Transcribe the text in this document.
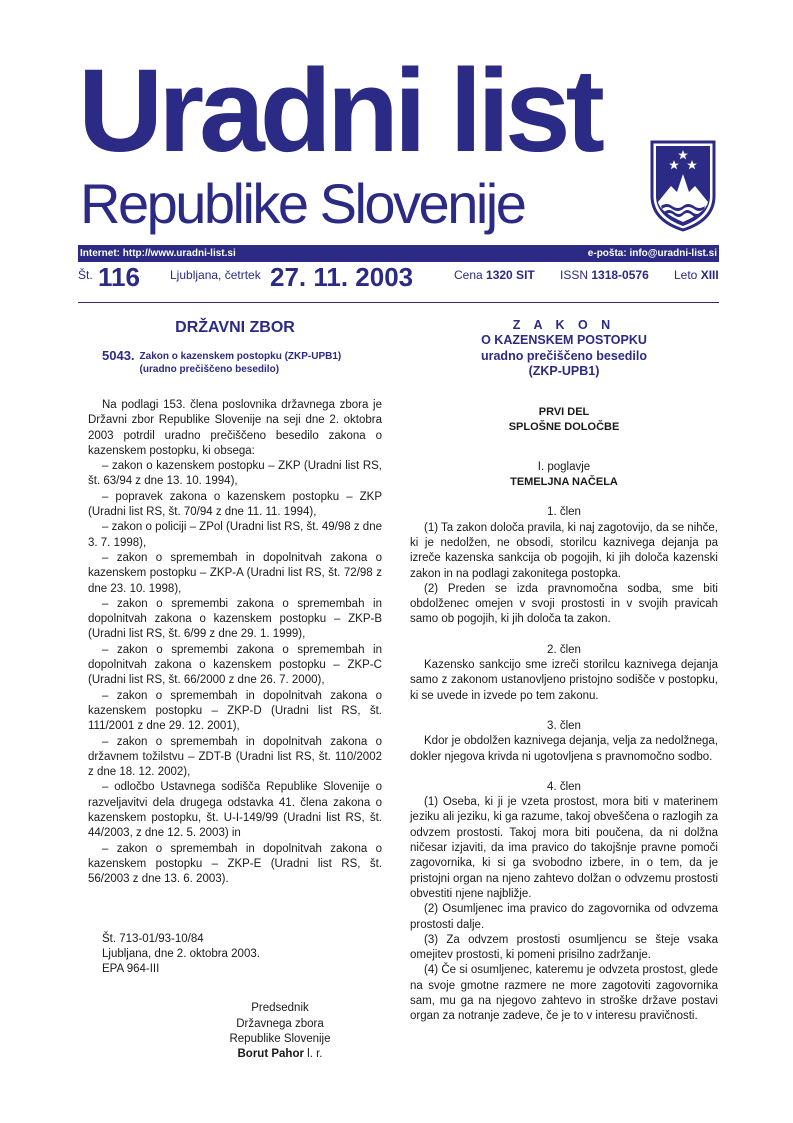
Uradni list
Republike Slovenije
Internet: http://www.uradni-list.si	e-pošta: info@uradni-list.si
Št. 116	Ljubljana, četrtek 27. 11. 2003	Cena 1320 SIT ISSN 1318-0576 Leto XIII
DRŽAVNI ZBOR
5043. Zakon o kazenskem postopku (ZKP-UPB1)
(uradno prečiščeno besedilo)

Na podlagi 153. člena poslovnika državnega zbora je Državni zbor Republike Slovenije na seji dne 2. oktobra 2003 potrdil uradno prečiščeno besedilo zakona o kazenskem postopku, ki obsega:

– zakon o kazenskem postopku – ZKP (Uradni list RS, št. 63/94 z dne 13. 10. 1994),

– popravek zakona o kazenskem postopku – ZKP (Uradni list RS, št. 70/94 z dne 11. 11. 1994),

– zakon o policiji – ZPol (Uradni list RS, št. 49/98 z dne 3. 7. 1998),

– zakon o spremembah in dopolnitvah zakona o kazenskem postopku – ZKP-A (Uradni list RS, št. 72/98 z dne 23. 10. 1998),

– zakon o spremembi zakona o spremembah in dopolnitvah zakona o kazenskem postopku – ZKP-B (Uradni list RS, št. 6/99 z dne 29. 1. 1999),

– zakon o spremembi zakona o spremembah in dopolnitvah zakona o kazenskem postopku – ZKP-C (Uradni list RS, št. 66/2000 z dne 26. 7. 2000),

– zakon o spremembah in dopolnitvah zakona o kazenskem postopku – ZKP-D (Uradni list RS, št. 111/2001 z dne 29. 12. 2001),

– zakon o spremembah in dopolnitvah zakona o državnem tožilstvu – ZDT-B (Uradni list RS, št. 110/2002 z dne 18. 12. 2002),

– odločbo Ustavnega sodišča Republike Slovenije o razveljavitvi dela drugega odstavka 41. člena zakona o kazenskem postopku, št. U-I-149/99 (Uradni list RS, št. 44/2003, z dne 12. 5. 2003) in

– zakon o spremembah in dopolnitvah zakona o kazenskem postopku – ZKP-E (Uradni list RS, št. 56/2003 z dne 13. 6. 2003).

Št. 713-01/93-10/84
Ljubljana, dne 2. oktobra 2003.
EPA 964-III
Predsednik
Državnega zbora
Republike Slovenije
Borut Pahor l. r.
Z A K O N
O KAZENSKEM POSTOPKU
uradno prečiščeno besedilo
(ZKP-UPB1)
PRVI DEL
SPLOŠNE DOLOČBE
I. poglavje
TEMELJNA NAČELA
1. člen

(1) Ta zakon določa pravila, ki naj zagotovijo, da se nihče, ki je nedolžen, ne obsodi, storilcu kaznivega dejanja pa izreče kazenska sankcija ob pogojih, ki jih določa kazenski zakon in na podlagi zakonitega postopka.

(2) Preden se izda pravnomočna sodba, sme biti obdolženec omejen v svoji prostosti in v svojih pravicah samo ob pogojih, ki jih določa ta zakon.

2. člen

Kazensko sankcijo sme izreči storilcu kaznivega dejanja samo z zakonom ustanovljeno pristojno sodišče v postopku, ki se uvede in izvede po tem zakonu.

3. člen

Kdor je obdolžen kaznivega dejanja, velja za nedolžnega, dokler njegova krivda ni ugotovljena s pravnomočno sodbo.

4. člen

(1) Oseba, ki ji je vzeta prostost, mora biti v materinem jeziku ali jeziku, ki ga razume, takoj obveščena o razlogih za odvzem prostosti. Takoj mora biti poučena, da ni dolžna ničesar izjaviti, da ima pravico do takojšnje pravne pomoči zagovornika, ki si ga svobodno izbere, in o tem, da je pristojni organ na njeno zahtevo dolžan o odvzemu prostosti obvestiti njene najbližje.

(2) Osumljenec ima pravico do zagovornika od odvzema prostosti dalje.

(3) Za odvzem prostosti osumljencu se šteje vsaka omejitev prostosti, ki pomeni prisilno zadržanje.

(4) Če si osumljenec, kateremu je odvzeta prostost, glede na svoje gmotne razmere ne more zagotoviti zagovornika sam, mu ga na njegovo zahtevo in stroške države postavi organ za notranje zadeve, če je to v interesu pravičnosti.
